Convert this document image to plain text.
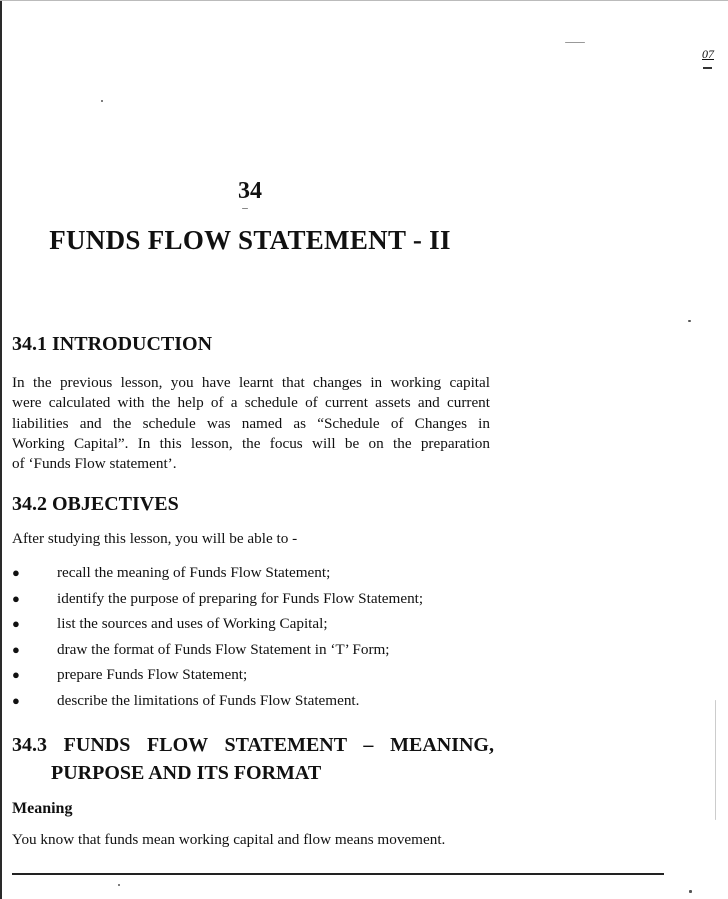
07
34
FUNDS FLOW STATEMENT - II
34.1 INTRODUCTION
In the previous lesson, you have learnt that changes in working capital
were calculated with the help of a schedule of current assets and current
liabilities and the schedule was named as “Schedule of Changes in
Working Capital”. In this lesson, the focus will be on the preparation
of ‘Funds Flow statement’.
34.2 OBJECTIVES
After studying this lesson, you will be able to -
● recall the meaning of Funds Flow Statement;
● identify the purpose of preparing for Funds Flow Statement;
● list the sources and uses of Working Capital;
● draw the format of Funds Flow Statement in ‘T’ Form;
● prepare Funds Flow Statement;
● describe the limitations of Funds Flow Statement.
34.3 FUNDS FLOW STATEMENT – MEANING,
PURPOSE AND ITS FORMAT
Meaning
You know that funds mean working capital and flow means movement.
